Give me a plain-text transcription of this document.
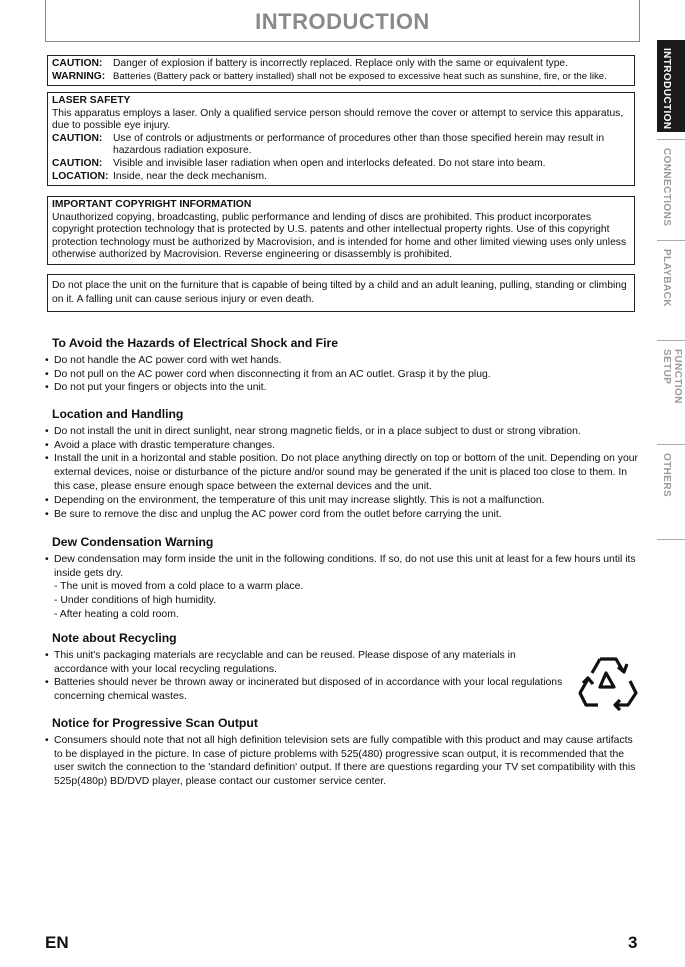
INTRODUCTION
CAUTION:	Danger of explosion if battery is incorrectly replaced. Replace only with the same or equivalent type.
WARNING: Batteries (Battery pack or battery installed) shall not be exposed to excessive heat such as sunshine, fire, or the like.
LASER SAFETY
This apparatus employs a laser. Only a qualified service person should remove the cover or attempt to service this apparatus, due to possible eye injury.
CAUTION:	Use of controls or adjustments or performance of procedures other than those specified herein may result in hazardous radiation exposure.
CAUTION:	Visible and invisible laser radiation when open and interlocks defeated. Do not stare into beam.
LOCATION: Inside, near the deck mechanism.
IMPORTANT COPYRIGHT INFORMATION
Unauthorized copying, broadcasting, public performance and lending of discs are prohibited. This product incorporates copyright protection technology that is protected by U.S. patents and other intellectual property rights. Use of this copyright protection technology must be authorized by Macrovision, and is intended for home and other limited viewing uses only unless otherwise authorized by Macrovision. Reverse engineering or disassembly is prohibited.
Do not place the unit on the furniture that is capable of being tilted by a child and an adult leaning, pulling, standing or climbing on it. A falling unit can cause serious injury or even death.
To Avoid the Hazards of Electrical Shock and Fire
• Do not handle the AC power cord with wet hands.
• Do not pull on the AC power cord when disconnecting it from an AC outlet. Grasp it by the plug.
• Do not put your fingers or objects into the unit.
Location and Handling
• Do not install the unit in direct sunlight, near strong magnetic fields, or in a place subject to dust or strong vibration.
• Avoid a place with drastic temperature changes.
• Install the unit in a horizontal and stable position. Do not place anything directly on top or bottom of the unit. Depending on your external devices, noise or disturbance of the picture and/or sound may be generated if the unit is placed too close to them. In this case, please ensure enough space between the external devices and the unit.
• Depending on the environment, the temperature of this unit may increase slightly. This is not a malfunction.
• Be sure to remove the disc and unplug the AC power cord from the outlet before carrying the unit.
Dew Condensation Warning
• Dew condensation may form inside the unit in the following conditions. If so, do not use this unit at least for a few hours until its inside gets dry.
- The unit is moved from a cold place to a warm place.
- Under conditions of high humidity.
- After heating a cold room.
Note about Recycling
• This unit's packaging materials are recyclable and can be reused. Please dispose of any materials in accordance with your local recycling regulations.
• Batteries should never be thrown away or incinerated but disposed of in accordance with your local regulations concerning chemical wastes.
Notice for Progressive Scan Output
• Consumers should note that not all high definition television sets are fully compatible with this product and may cause artifacts to be displayed in the picture. In case of picture problems with 525(480) progressive scan output, it is recommended that the user switch the connection to the 'standard definition' output. If there are questions regarding your TV set compatibility with this 525p(480p) BD/DVD player, please contact our customer service center.
INTRODUCTION
CONNECTIONS
PLAYBACK
FUNCTION SETUP
OTHERS
EN	3
